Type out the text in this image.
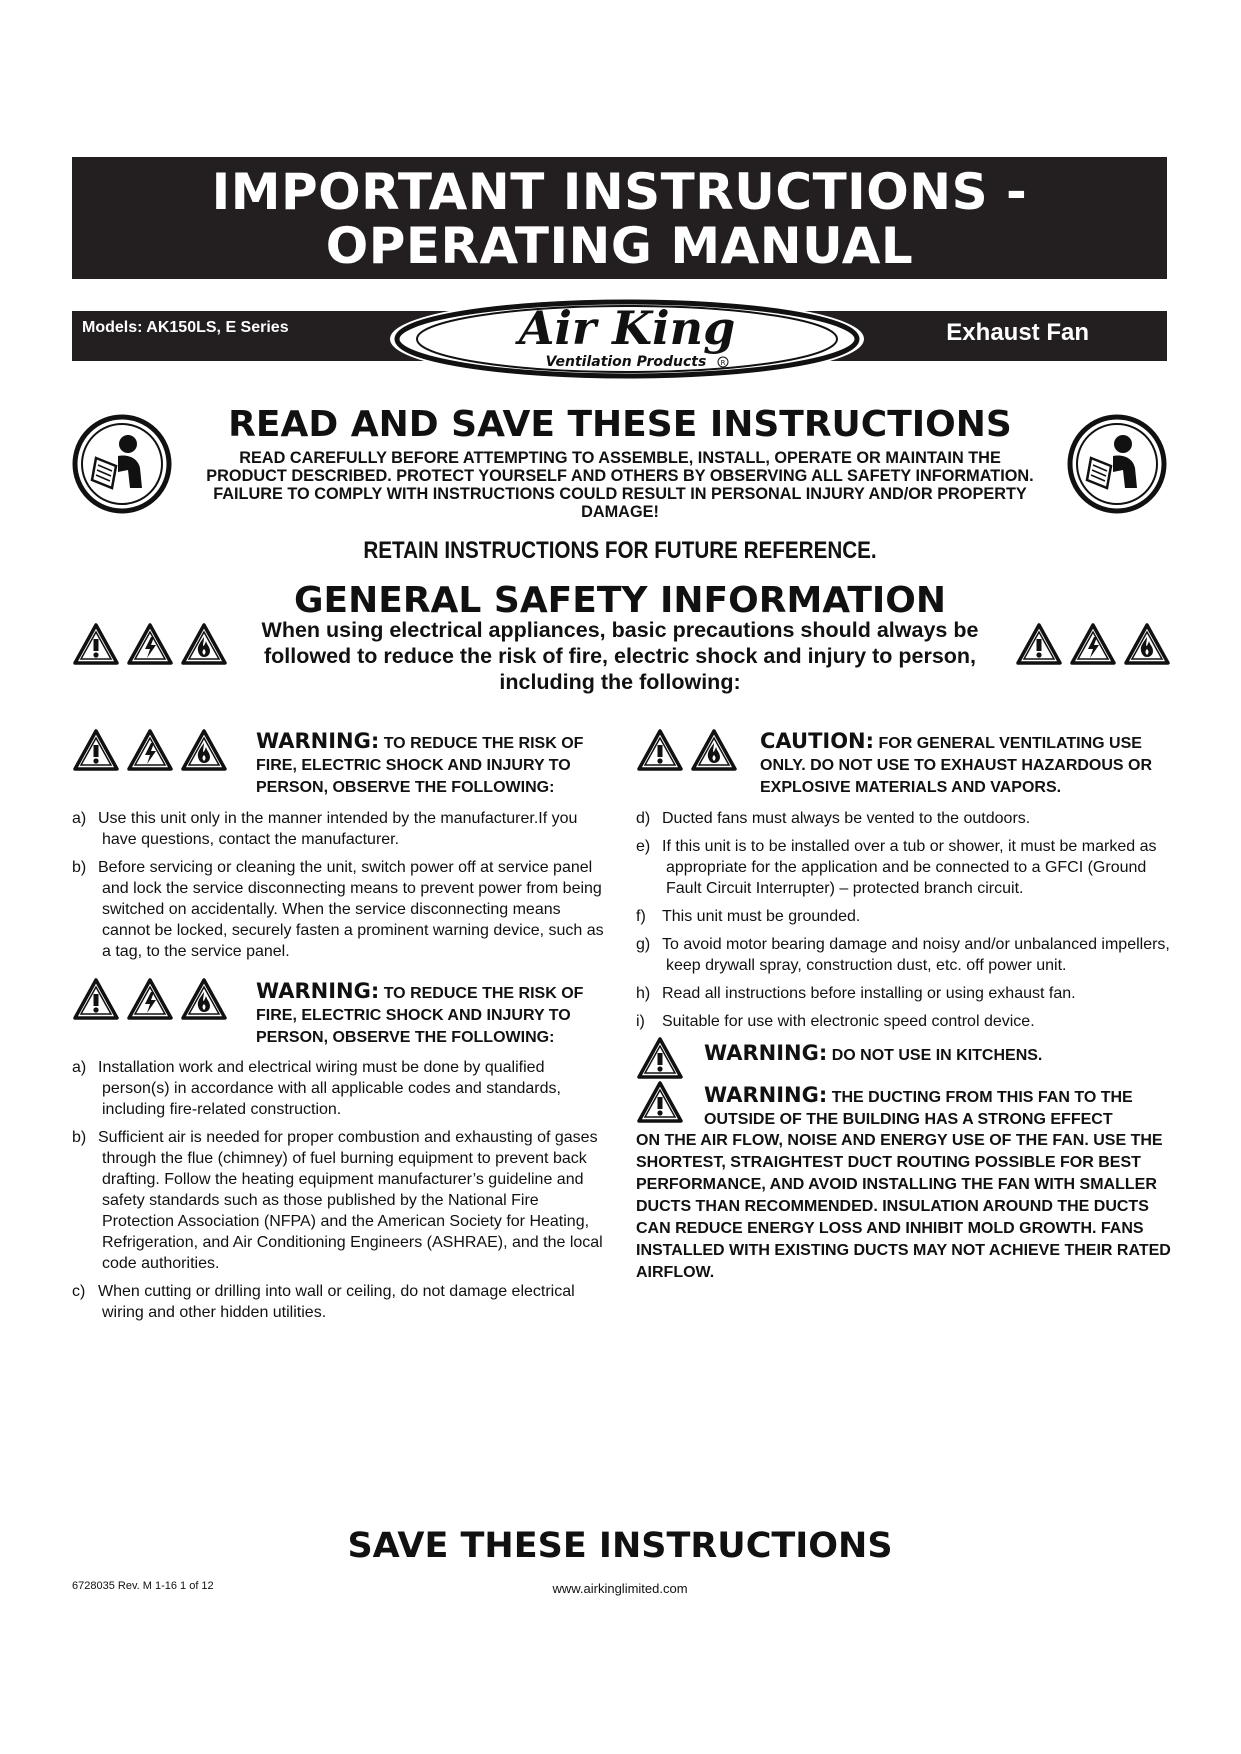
IMPORTANT INSTRUCTIONS -
OPERATING MANUAL
Models: AK150LS, E Series	Exhaust Fan
Air King
Ventilation Products R
READ AND SAVE THESE INSTRUCTIONS
READ CAREFULLY BEFORE ATTEMPTING TO ASSEMBLE, INSTALL, OPERATE OR MAINTAIN THE PRODUCT DESCRIBED. PROTECT YOURSELF AND OTHERS BY OBSERVING ALL SAFETY INFORMATION. FAILURE TO COMPLY WITH INSTRUCTIONS COULD RESULT IN PERSONAL INJURY AND/OR PROPERTY DAMAGE!
RETAIN INSTRUCTIONS FOR FUTURE REFERENCE.
GENERAL SAFETY INFORMATION
When using electrical appliances, basic precautions should always be followed to reduce the risk of fire, electric shock and injury to person, including the following:
WARNING: TO REDUCE THE RISK OF FIRE, ELECTRIC SHOCK AND INJURY TO PERSON, OBSERVE THE FOLLOWING:
a) Use this unit only in the manner intended by the manufacturer.If you have questions, contact the manufacturer.
b) Before servicing or cleaning the unit, switch power off at service panel and lock the service disconnecting means to prevent power from being switched on accidentally. When the service disconnecting means cannot be locked, securely fasten a prominent warning device, such as a tag, to the service panel.
WARNING: TO REDUCE THE RISK OF FIRE, ELECTRIC SHOCK AND INJURY TO PERSON, OBSERVE THE FOLLOWING:
a) Installation work and electrical wiring must be done by qualified person(s) in accordance with all applicable codes and standards, including fire-related construction.
b) Sufficient air is needed for proper combustion and exhausting of gases through the flue (chimney) of fuel burning equipment to prevent back drafting. Follow the heating equipment manufacturer’s guideline and safety standards such as those published by the National Fire Protection Association (NFPA) and the American Society for Heating, Refrigeration, and Air Conditioning Engineers (ASHRAE), and the local code authorities.
c) When cutting or drilling into wall or ceiling, do not damage electrical wiring and other hidden utilities.
CAUTION: FOR GENERAL VENTILATING USE ONLY. DO NOT USE TO EXHAUST HAZARDOUS OR EXPLOSIVE MATERIALS AND VAPORS.
d) Ducted fans must always be vented to the outdoors.
e) If this unit is to be installed over a tub or shower, it must be marked as appropriate for the application and be connected to a GFCI (Ground Fault Circuit Interrupter) – protected branch circuit.
f) This unit must be grounded.
g) To avoid motor bearing damage and noisy and/or unbalanced impellers, keep drywall spray, construction dust, etc. off power unit.
h) Read all instructions before installing or using exhaust fan.
i) Suitable for use with electronic speed control device.
WARNING: DO NOT USE IN KITCHENS.
WARNING: THE DUCTING FROM THIS FAN TO THE OUTSIDE OF THE BUILDING HAS A STRONG EFFECT
ON THE AIR FLOW, NOISE AND ENERGY USE OF THE FAN. USE THE SHORTEST, STRAIGHTEST DUCT ROUTING POSSIBLE FOR BEST PERFORMANCE, AND AVOID INSTALLING THE FAN WITH SMALLER DUCTS THAN RECOMMENDED. INSULATION AROUND THE DUCTS CAN REDUCE ENERGY LOSS AND INHIBIT MOLD GROWTH. FANS INSTALLED WITH EXISTING DUCTS MAY NOT ACHIEVE THEIR RATED AIRFLOW.
SAVE THESE INSTRUCTIONS
6728035 Rev. M 1-16 1 of 12	www.airkinglimited.com
